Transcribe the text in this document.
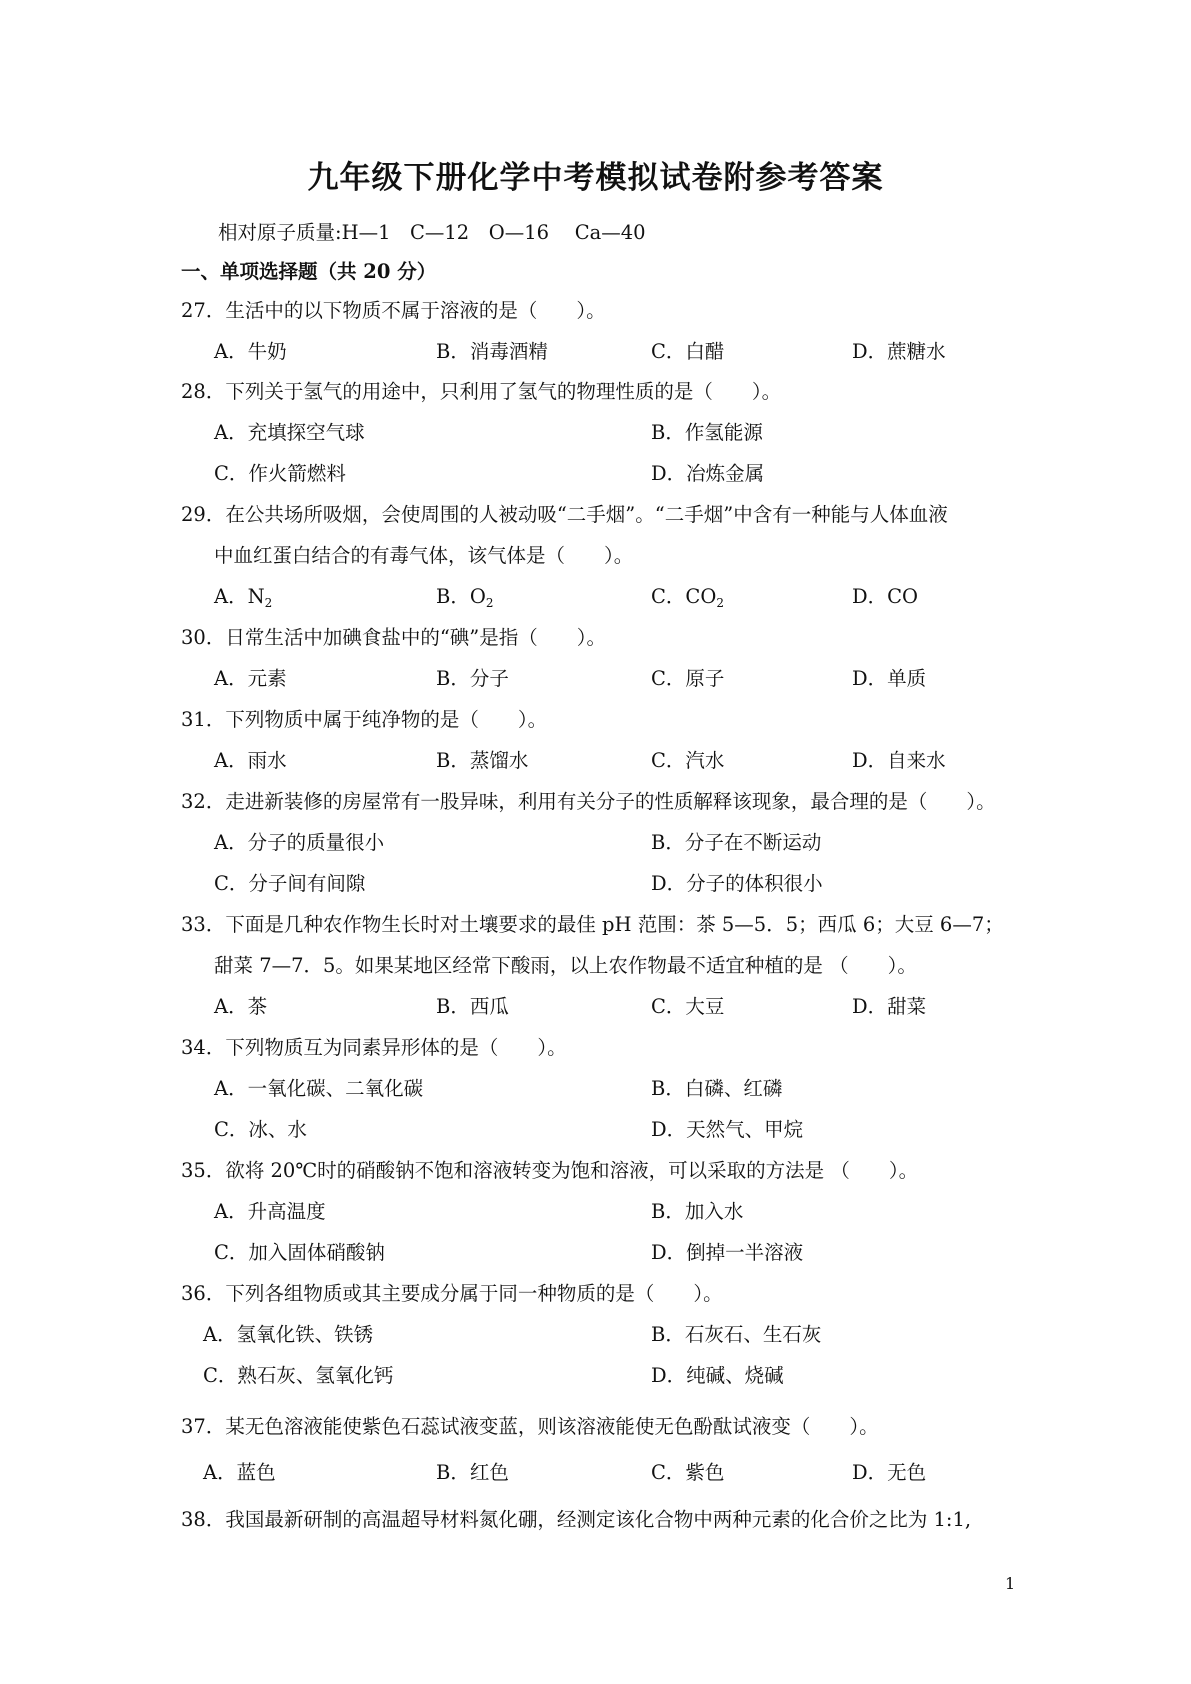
九年级下册化学中考模拟试卷附参考答案
相对原子质量:H—1　C—12　O—16　 Ca—40
一、单项选择题（共 20 分）
27．生活中的以下物质不属于溶液的是（　　）。
A．牛奶	B．消毒酒精	C．白醋	D．蔗糖水
28．下列关于氢气的用途中，只利用了氢气的物理性质的是（　　）。
A．充填探空气球	B．作氢能源
C．作火箭燃料	D．冶炼金属
29．在公共场所吸烟，会使周围的人被动吸“二手烟”。“二手烟”中含有一种能与人体血液
中血红蛋白结合的有毒气体，该气体是（　　）。
A．$N_2$	B．$O_2$	C．$CO_2$	D．CO
30．日常生活中加碘食盐中的“碘”是指（　　）。
A．元素	B．分子	C．原子	D．单质
31．下列物质中属于纯净物的是（　　）。
A．雨水	B．蒸馏水	C．汽水	D．自来水
32．走进新装修的房屋常有一股异味，利用有关分子的性质解释该现象，最合理的是（　　）。
A．分子的质量很小	B．分子在不断运动
C．分子间有间隙	D．分子的体积很小
33．下面是几种农作物生长时对土壤要求的最佳 pH 范围：茶 5—5．5；西瓜 6；大豆 6—7；
甜菜 7—7．5。如果某地区经常下酸雨，以上农作物最不适宜种植的是 （　　）。
A．茶	B．西瓜	C．大豆	D．甜菜
34．下列物质互为同素异形体的是（　　）。
A．一氧化碳、二氧化碳	B．白磷、红磷
C．冰、水	D．天然气、甲烷
35．欲将 20℃时的硝酸钠不饱和溶液转变为饱和溶液，可以采取的方法是 （　　）。
A．升高温度	B．加入水
C．加入固体硝酸钠	D．倒掉一半溶液
36．下列各组物质或其主要成分属于同一种物质的是（　　）。
A．氢氧化铁、铁锈	B．石灰石、生石灰
C．熟石灰、氢氧化钙	D．纯碱、烧碱
37．某无色溶液能使紫色石蕊试液变蓝，则该溶液能使无色酚酞试液变（　　）。
A．蓝色	B．红色	C．紫色	D．无色
38．我国最新研制的高温超导材料氮化硼，经测定该化合物中两种元素的化合价之比为 1:1,
1
